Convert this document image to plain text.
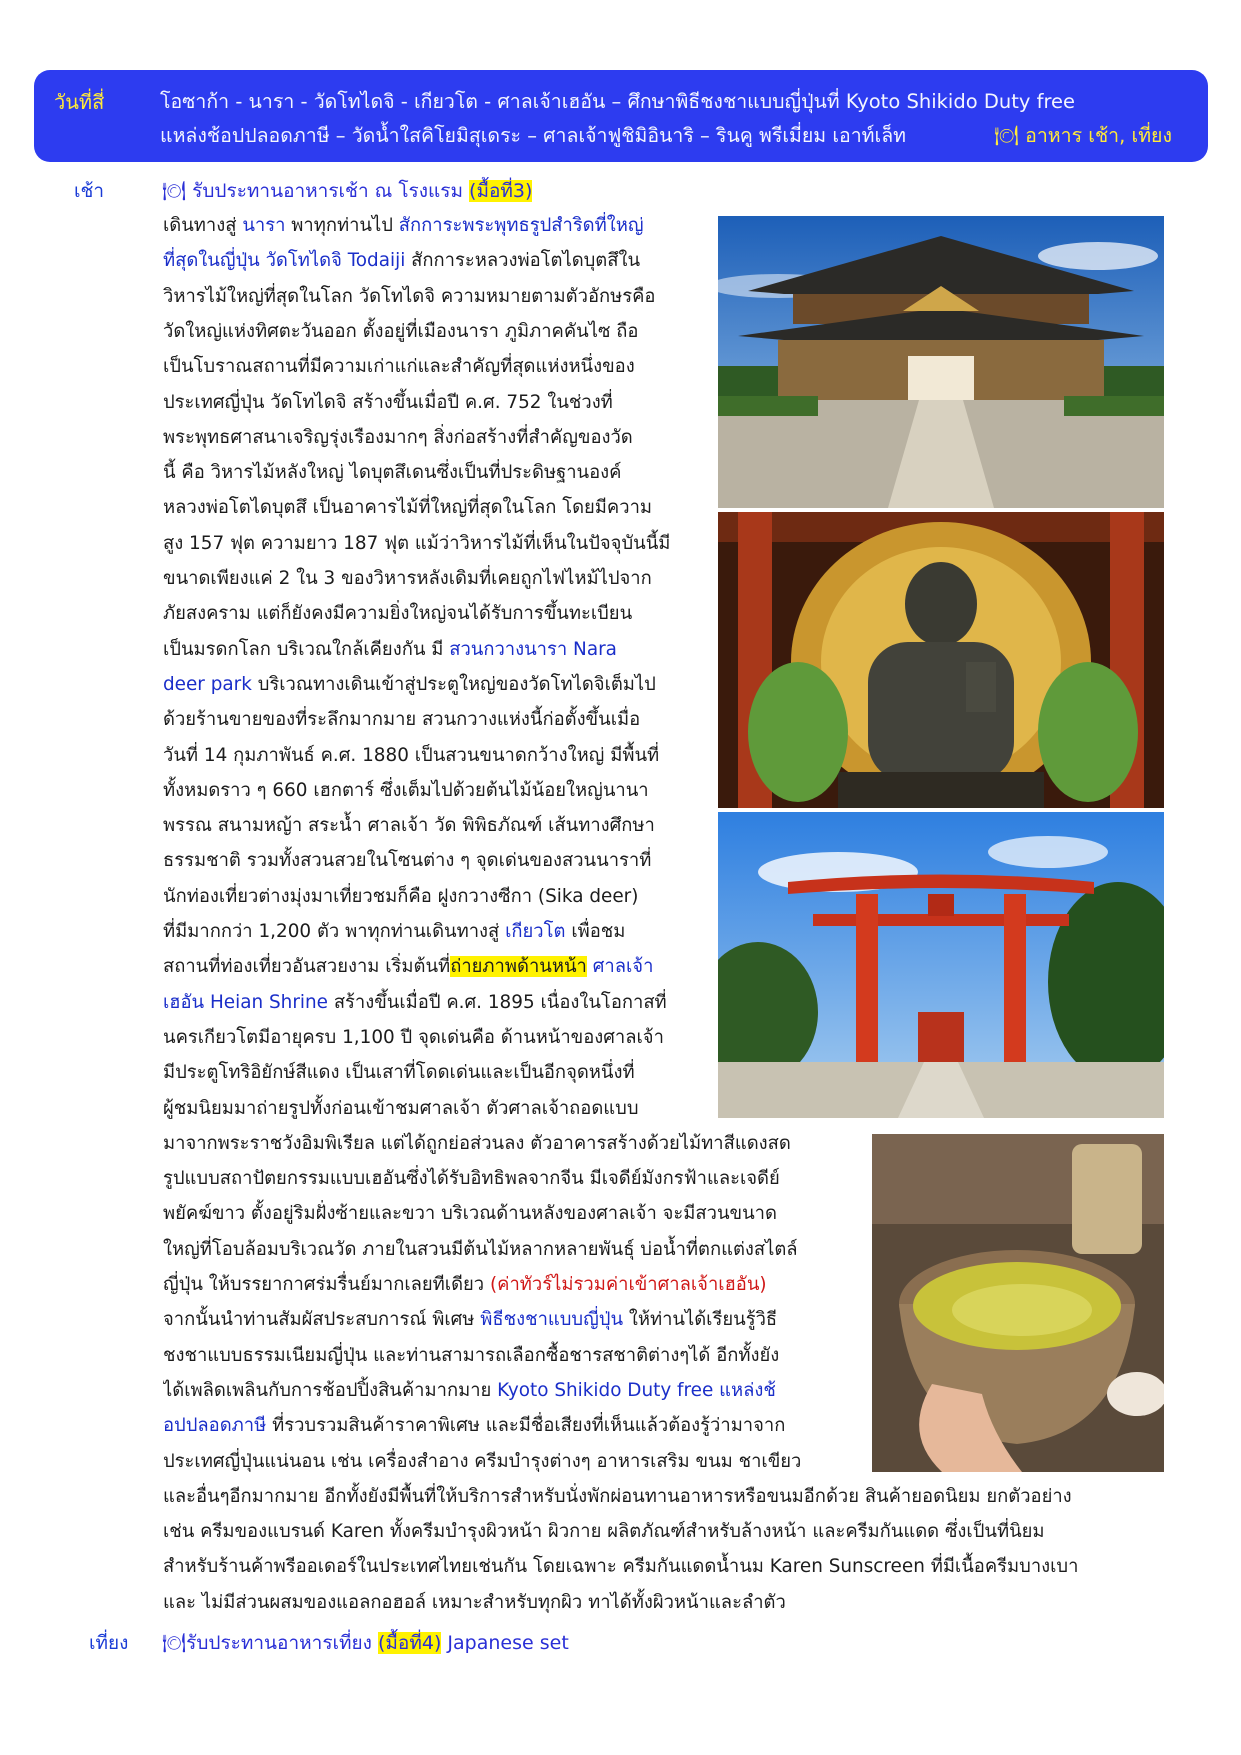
วันที่สี่	โอซาก้า - นารา - วัดโทไดจิ - เกียวโต - ศาลเจ้าเฮอัน – ศึกษาพิธีชงชาแบบญี่ปุ่นที่ Kyoto Shikido Duty free
แหล่งช้อปปลอดภาษี – วัดน้ำใสคิโยมิสุเดระ – ศาลเจ้าฟูชิมิอินาริ – รินคู พรีเมี่ยม เอาท์เล็ท	🍽 อาหาร เช้า, เที่ยง
เช้า	🍽 รับประทานอาหารเช้า ณ โรงแรม (มื้อที่3)
เดินทางสู่ นารา พาทุกท่านไป สักการะพระพุทธรูปสำริดที่ใหญ่
ที่สุดในญี่ปุ่น วัดโทไดจิ Todaiji สักการะหลวงพ่อโตไดบุตสึใน
วิหารไม้ใหญ่ที่สุดในโลก วัดโทไดจิ ความหมายตามตัวอักษรคือ
วัดใหญ่แห่งทิศตะวันออก ตั้งอยู่ที่เมืองนารา ภูมิภาคคันไซ ถือ
เป็นโบราณสถานที่มีความเก่าแก่และสำคัญที่สุดแห่งหนึ่งของ
ประเทศญี่ปุ่น วัดโทไดจิ สร้างขึ้นเมื่อปี ค.ศ. 752 ในช่วงที่
พระพุทธศาสนาเจริญรุ่งเรืองมากๆ สิ่งก่อสร้างที่สำคัญของวัด
นี้ คือ วิหารไม้หลังใหญ่ ไดบุตสึเดนซึ่งเป็นที่ประดิษฐานองค์
หลวงพ่อโตไดบุตสึ เป็นอาคารไม้ที่ใหญ่ที่สุดในโลก โดยมีความ
สูง 157 ฟุต ความยาว 187 ฟุต แม้ว่าวิหารไม้ที่เห็นในปัจจุบันนี้มี
ขนาดเพียงแค่ 2 ใน 3 ของวิหารหลังเดิมที่เคยถูกไฟไหม้ไปจาก
ภัยสงคราม แต่ก็ยังคงมีความยิ่งใหญ่จนได้รับการขึ้นทะเบียน
เป็นมรดกโลก บริเวณใกล้เคียงกัน มี สวนกวางนารา Nara
deer park บริเวณทางเดินเข้าสู่ประตูใหญ่ของวัดโทไดจิเต็มไป
ด้วยร้านขายของที่ระลึกมากมาย สวนกวางแห่งนี้ก่อตั้งขึ้นเมื่อ
วันที่ 14 กุมภาพันธ์ ค.ศ. 1880 เป็นสวนขนาดกว้างใหญ่ มีพื้นที่
ทั้งหมดราว ๆ 660 เฮกตาร์ ซึ่งเต็มไปด้วยต้นไม้น้อยใหญ่นานา
พรรณ สนามหญ้า สระน้ำ ศาลเจ้า วัด พิพิธภัณฑ์ เส้นทางศึกษา
ธรรมชาติ รวมทั้งสวนสวยในโซนต่าง ๆ จุดเด่นของสวนนาราที่
นักท่องเที่ยวต่างมุ่งมาเที่ยวชมก็คือ ฝูงกวางซีกา (Sika deer)
ที่มีมากกว่า 1,200 ตัว พาทุกท่านเดินทางสู่ เกียวโต เพื่อชม
สถานที่ท่องเที่ยวอันสวยงาม เริ่มต้นที่ถ่ายภาพด้านหน้า ศาลเจ้า
เฮอัน Heian Shrine สร้างขึ้นเมื่อปี ค.ศ. 1895 เนื่องในโอกาสที่
นครเกียวโตมีอายุครบ 1,100 ปี จุดเด่นคือ ด้านหน้าของศาลเจ้า
มีประตูโทริอิยักษ์สีแดง เป็นเสาที่โดดเด่นและเป็นอีกจุดหนึ่งที่
ผู้ชมนิยมมาถ่ายรูปทั้งก่อนเข้าชมศาลเจ้า ตัวศาลเจ้าถอดแบบ
มาจากพระราชวังอิมพิเรียล แต่ได้ถูกย่อส่วนลง ตัวอาคารสร้างด้วยไม้ทาสีแดงสด
รูปแบบสถาปัตยกรรมแบบเฮอันซึ่งได้รับอิทธิพลจากจีน มีเจดีย์มังกรฟ้าและเจดีย์
พยัคฆ์ขาว ตั้งอยู่ริมฝั่งซ้ายและขวา บริเวณด้านหลังของศาลเจ้า จะมีสวนขนาด
ใหญ่ที่โอบล้อมบริเวณวัด ภายในสวนมีต้นไม้หลากหลายพันธุ์ บ่อน้ำที่ตกแต่งสไตล์
ญี่ปุ่น ให้บรรยากาศร่มรื่นย์มากเลยทีเดียว (ค่าทัวร์ไม่รวมค่าเข้าศาลเจ้าเฮอัน)
จากนั้นนำท่านสัมผัสประสบการณ์ พิเศษ พิธีชงชาแบบญี่ปุ่น ให้ท่านได้เรียนรู้วิธี
ชงชาแบบธรรมเนียมญี่ปุ่น และท่านสามารถเลือกซื้อชารสชาติต่างๆได้ อีกทั้งยัง
ได้เพลิดเพลินกับการช้อปปิ้งสินค้ามากมาย Kyoto Shikido Duty free แหล่งช้
อปปลอดภาษี ที่รวบรวมสินค้าราคาพิเศษ และมีชื่อเสียงที่เห็นแล้วต้องรู้ว่ามาจาก
ประเทศญี่ปุ่นแน่นอน เช่น เครื่องสำอาง ครีมบำรุงต่างๆ อาหารเสริม ขนม ชาเขียว
และอื่นๆอีกมากมาย อีกทั้งยังมีพื้นที่ให้บริการสำหรับนั่งพักผ่อนทานอาหารหรือขนมอีกด้วย สินค้ายอดนิยม ยกตัวอย่าง
เช่น ครีมของแบรนด์ Karen ทั้งครีมบำรุงผิวหน้า ผิวกาย ผลิตภัณฑ์สำหรับล้างหน้า และครีมกันแดด ซึ่งเป็นที่นิยม
สำหรับร้านค้าพรีออเดอร์ในประเทศไทยเช่นกัน โดยเฉพาะ ครีมกันแดดน้ำนม Karen Sunscreen ที่มีเนื้อครีมบางเบา
และ ไม่มีส่วนผสมของแอลกอฮอล์ เหมาะสำหรับทุกผิว ทาได้ทั้งผิวหน้าและลำตัว
เที่ยง 🍽รับประทานอาหารเที่ยง (มื้อที่4) Japanese set
